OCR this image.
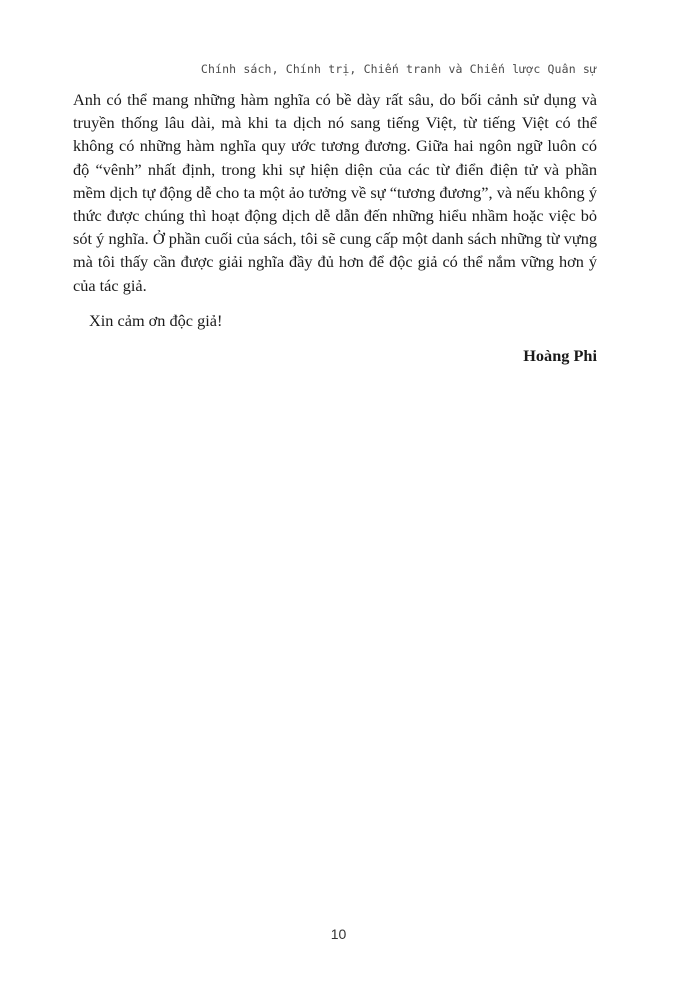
Chính sách, Chính trị, Chiến tranh và Chiến lược Quân sự

Anh có thể mang những hàm nghĩa có bề dày rất sâu, do bối cảnh sử dụng và truyền thống lâu dài, mà khi ta dịch nó sang tiếng Việt, từ tiếng Việt có thể không có những hàm nghĩa quy ước tương đương. Giữa hai ngôn ngữ luôn có độ “vênh” nhất định, trong khi sự hiện diện của các từ điển điện tử và phần mềm dịch tự động dễ cho ta một ảo tưởng về sự “tương đương”, và nếu không ý thức được chúng thì hoạt động dịch dễ dẫn đến những hiểu nhầm hoặc việc bỏ sót ý nghĩa. Ở phần cuối của sách, tôi sẽ cung cấp một danh sách những từ vựng mà tôi thấy cần được giải nghĩa đầy đủ hơn để độc giả có thể nắm vững hơn ý của tác giả.

Xin cảm ơn độc giả!

Hoàng Phi

10
